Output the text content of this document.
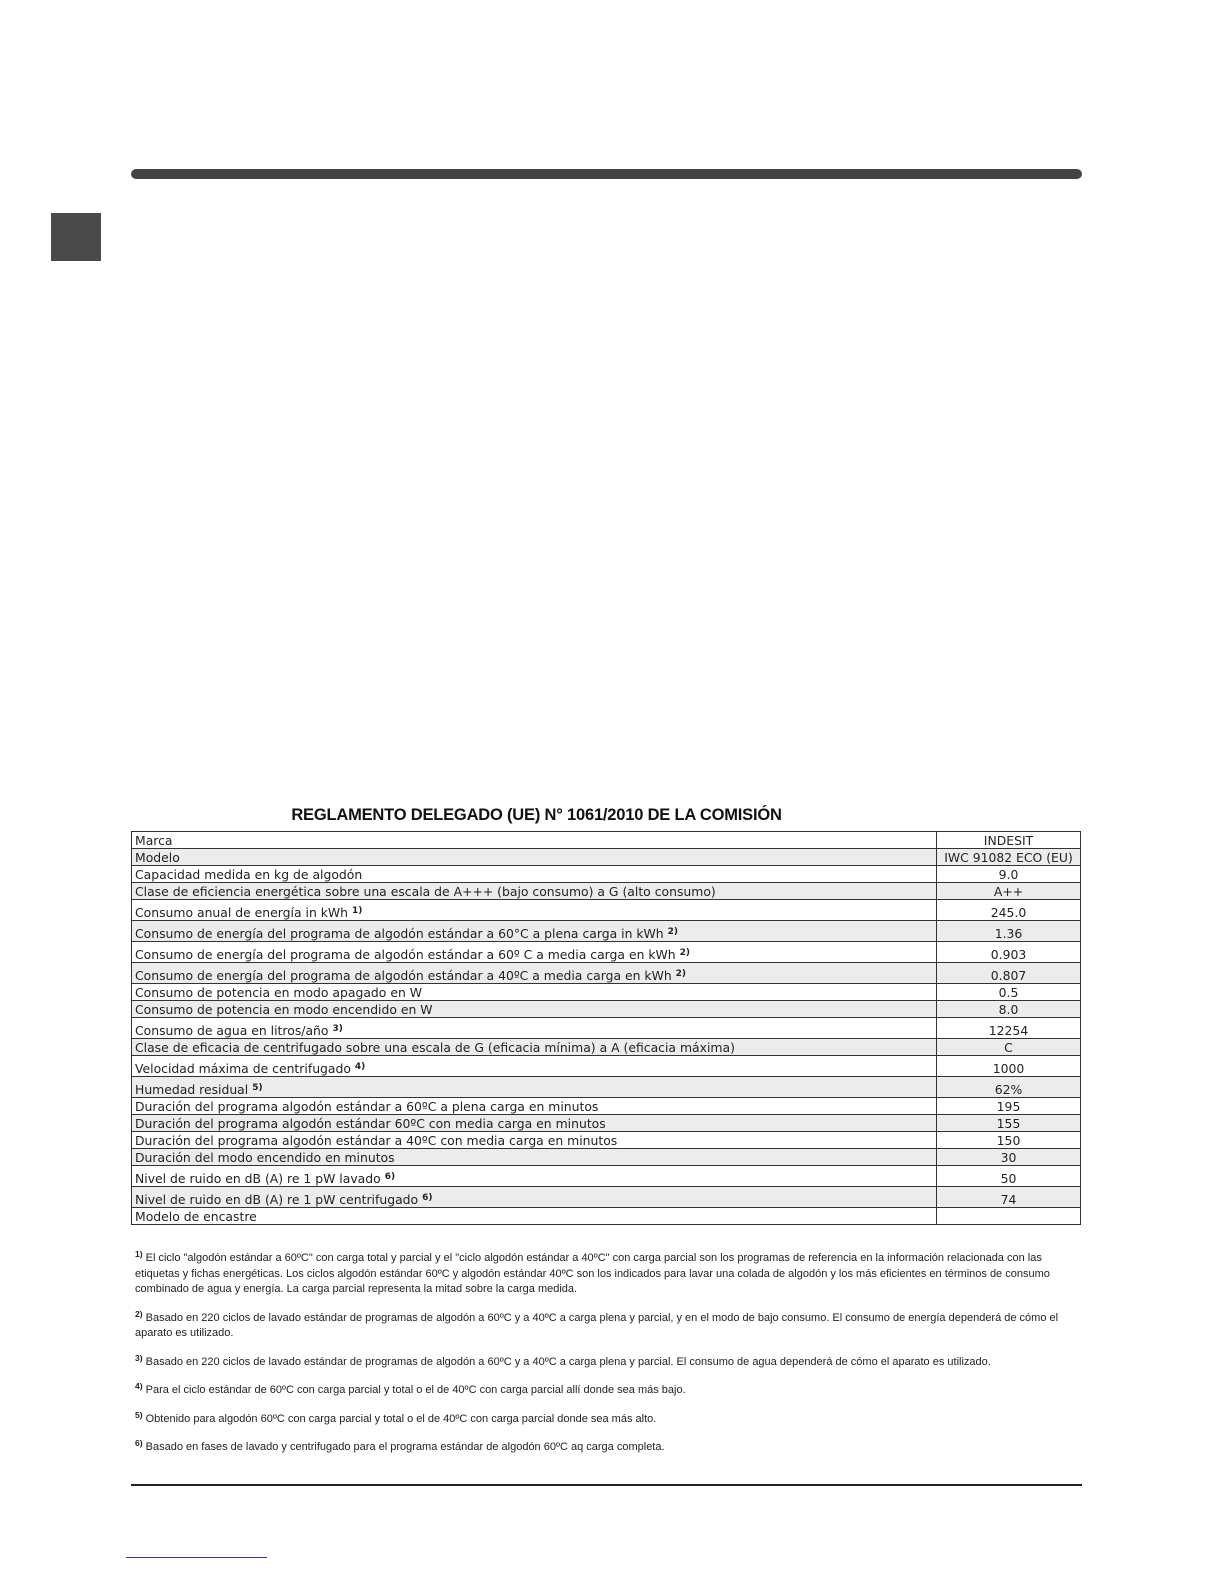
REGLAMENTO DELEGADO (UE) N° 1061/2010 DE LA COMISIÓN
Marca	INDESIT
Modelo	IWC 91082 ECO (EU)
Capacidad medida en kg de algodón	9.0
Clase de eficiencia energética sobre una escala de A+++ (bajo consumo) a G (alto consumo)	A++
Consumo anual de energía in kWh $^{1)}$	245.0
Consumo de energía del programa de algodón estándar a 60°C a plena carga in kWh $^{2)}$	1.36
Consumo de energía del programa de algodón estándar a 60º C a media carga en kWh $^{2)}$	0.903
Consumo de energía del programa de algodón estándar a 40ºC a media carga en kWh $^{2)}$	0.807
Consumo de potencia en modo apagado en W	0.5
Consumo de potencia en modo encendido en W	8.0
Consumo de agua en litros/año $^{3)}$	12254
Clase de eficacia de centrifugado sobre una escala de G (eficacia mínima) a A (eficacia máxima)	C
Velocidad máxima de centrifugado $^{4)}$	1000
Humedad residual $^{5)}$	62%
Duración del programa algodón estándar a 60ºC a plena carga en minutos	195
Duración del programa algodón estándar 60ºC con media carga en minutos	155
Duración del programa algodón estándar a 40ºC con media carga en minutos	150
Duración del modo encendido en minutos	30
Nivel de ruido en dB (A) re 1 pW lavado $^{6)}$	50
Nivel de ruido en dB (A) re 1 pW centrifugado $^{6)}$	74
Modelo de encastre	
$^{1)}$ El ciclo "algodón estándar a 60ºC" con carga total y parcial y el "ciclo algodón estándar a 40ºC" con carga parcial son los programas de referencia en la información relacionada con las etiquetas y fichas energéticas. Los ciclos algodón estándar 60ºC y algodón estándar 40ºC son los indicados para lavar una colada de algodón y los más eficientes en términos de consumo combinado de agua y energía. La carga parcial representa la mitad sobre la carga medida.
$^{2)}$ Basado en 220 ciclos de lavado estándar de programas de algodón a 60ºC y a 40ºC a carga plena y parcial, y en el modo de bajo consumo. El consumo de energía dependerá de cómo el aparato es utilizado.
$^{3)}$ Basado en 220 ciclos de lavado estándar de programas de algodón a 60ºC y a 40ºC a carga plena y parcial. El consumo de agua dependerá de cómo el aparato es utilizado.
$^{4)}$ Para el ciclo estándar de 60ºC con carga parcial y total o el de 40ºC con carga parcial allí donde sea más bajo.
$^{5)}$ Obtenido para algodón 60ºC con carga parcial y total o el de 40ºC con carga parcial donde sea más alto.
$^{6)}$ Basado en fases de lavado y centrifugado para el programa estándar de algodón 60ºC aq carga completa.
